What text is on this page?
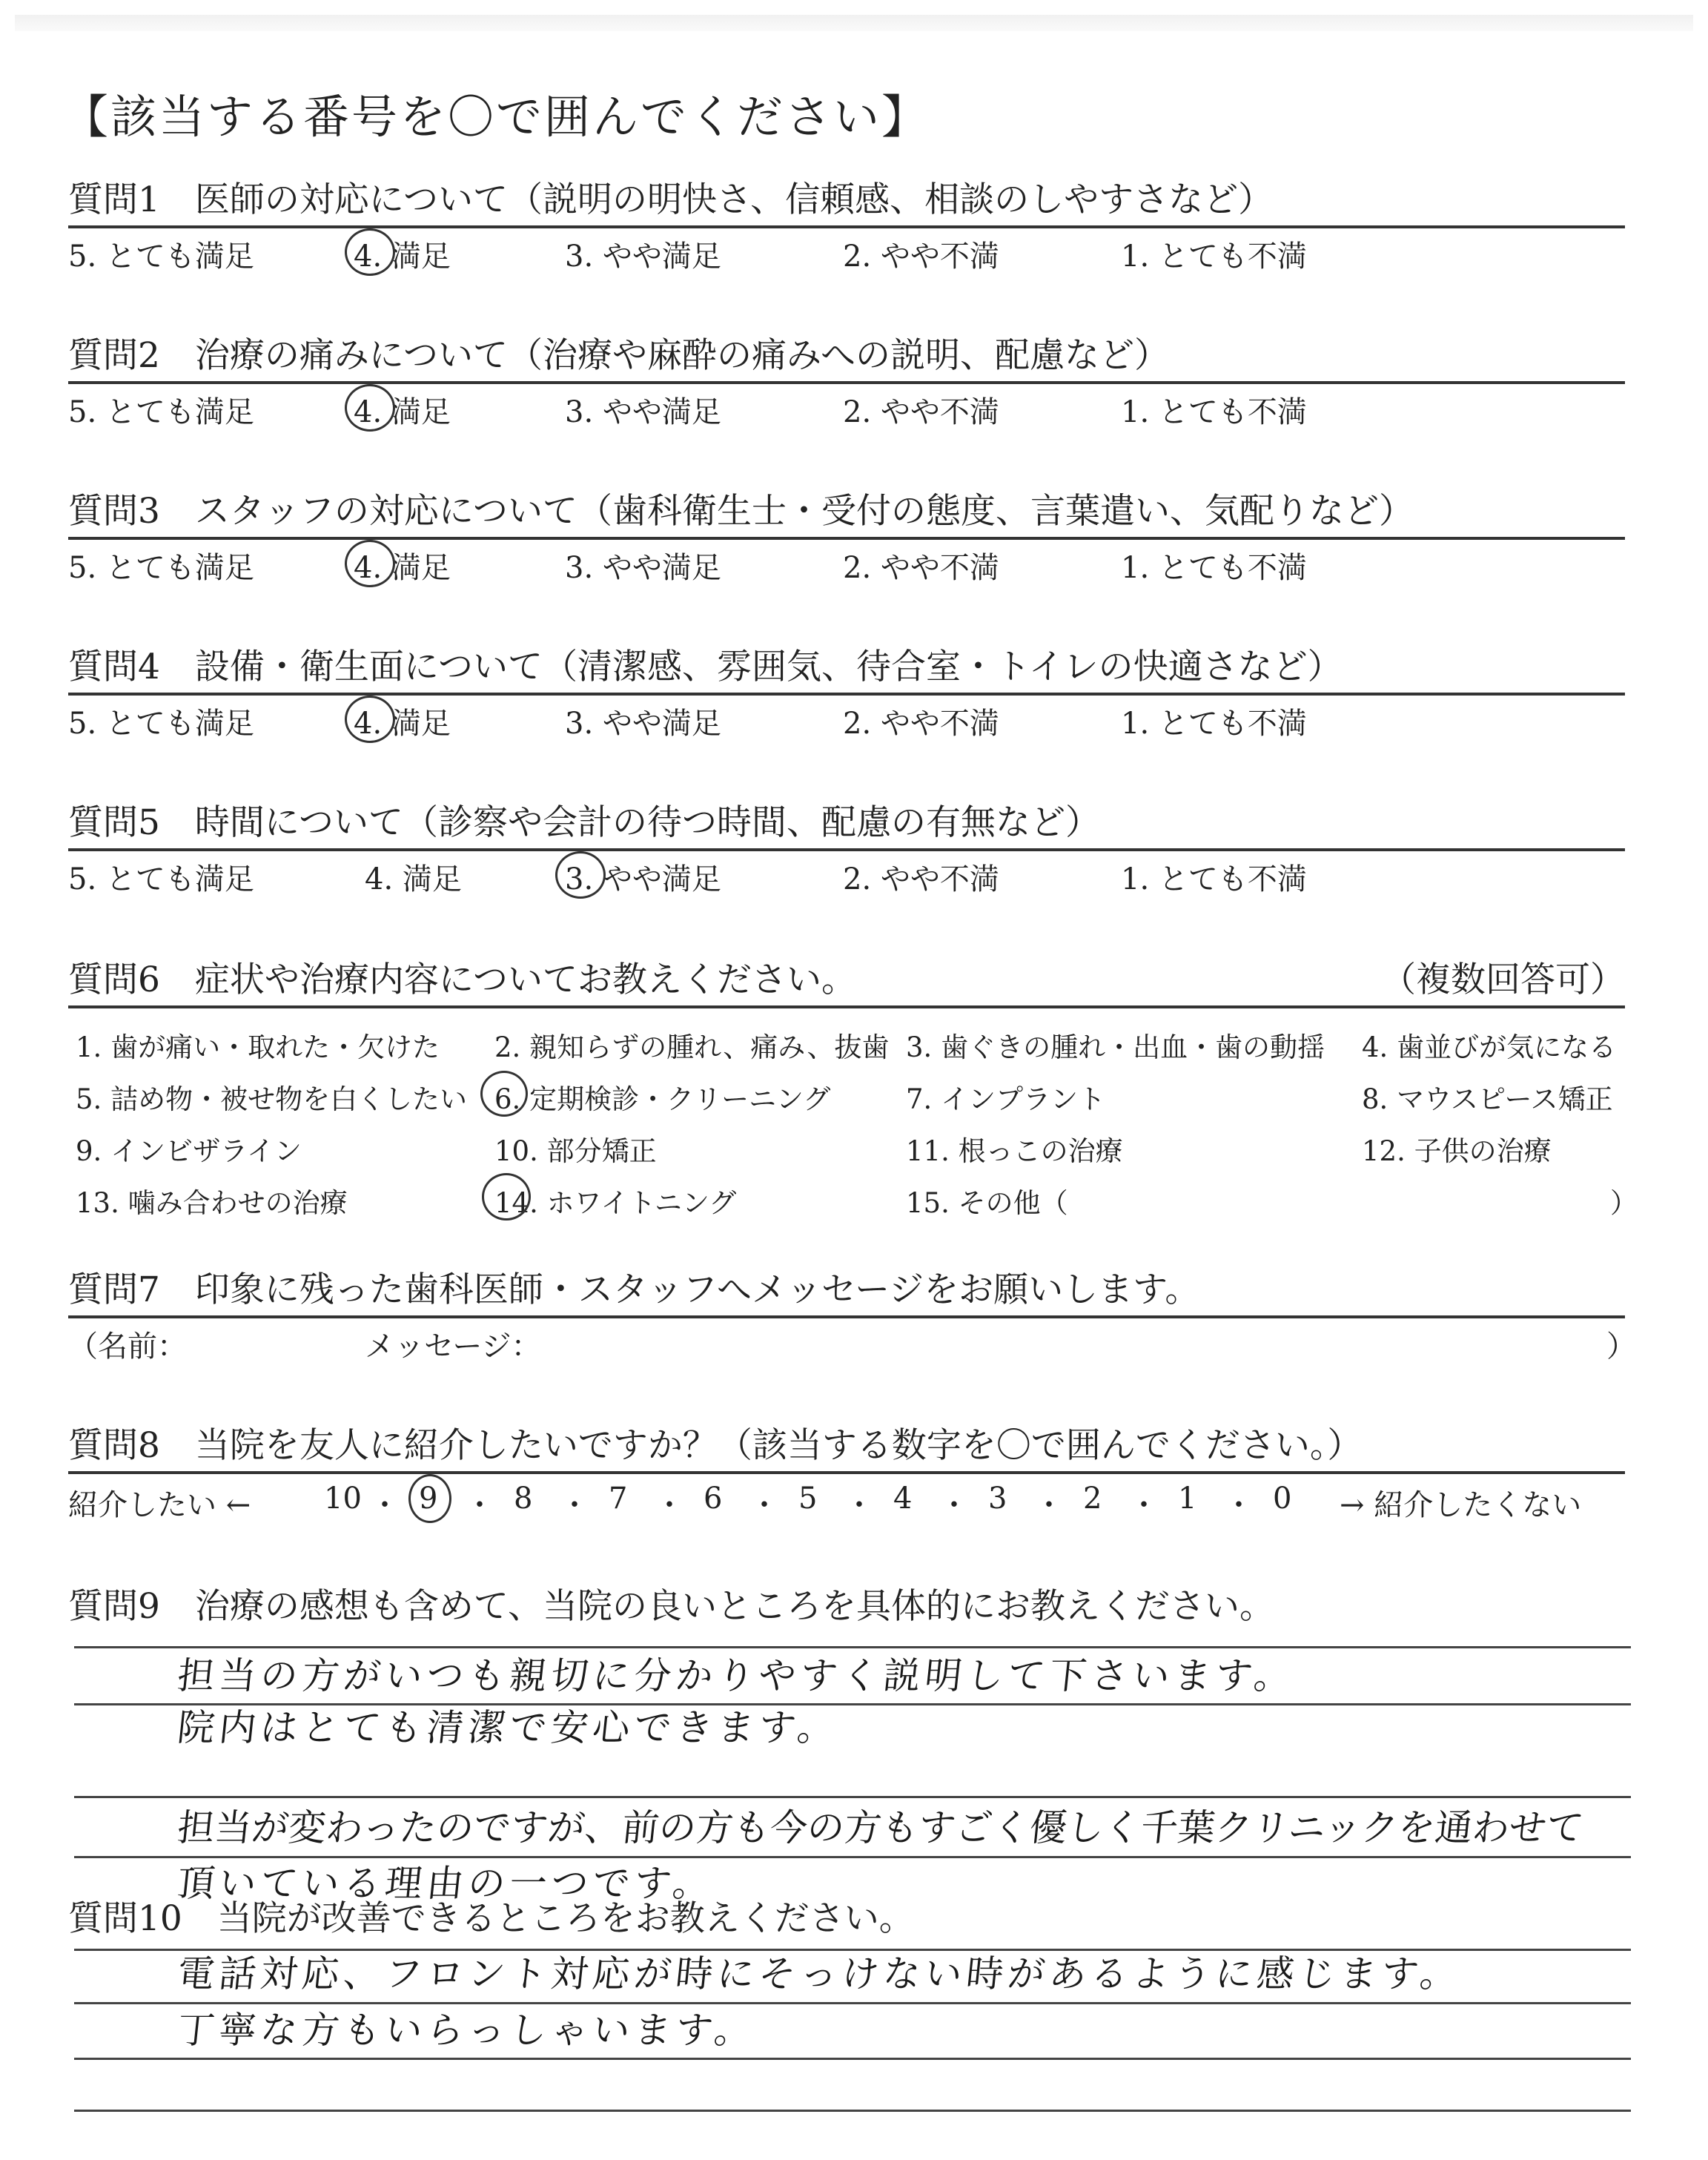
【該当する番号を〇で囲んでください】
質問1　医師の対応について（説明の明快さ、信頼感、相談のしやすさなど）
5. とても満足	4. 満足	3. やや満足	2. やや不満	1. とても不満
質問2　治療の痛みについて（治療や麻酔の痛みへの説明、配慮など）
5. とても満足	4. 満足	3. やや満足	2. やや不満	1. とても不満
質問3　スタッフの対応について（歯科衛生士・受付の態度、言葉遣い、気配りなど）
5. とても満足	4. 満足	3. やや満足	2. やや不満	1. とても不満
質問4　設備・衛生面について（清潔感、雰囲気、待合室・トイレの快適さなど）
5. とても満足	4. 満足	3. やや満足	2. やや不満	1. とても不満
質問5　時間について（診察や会計の待つ時間、配慮の有無など）
5. とても満足	4. 満足	3. やや満足	2. やや不満	1. とても不満
質問6　症状や治療内容についてお教えください。	（複数回答可）
1. 歯が痛い・取れた・欠けた 2. 親知らずの腫れ、痛み、抜歯 3. 歯ぐきの腫れ・出血・歯の動揺 4. 歯並びが気になる
5. 詰め物・被せ物を白くしたい 6. 定期検診・クリーニング	7. インプラント	8. マウスピース矯正
9. インビザライン	10. 部分矯正	11. 根っこの治療	12. 子供の治療
13. 噛み合わせの治療	14. ホワイトニング	15. その他（	）
質問7　印象に残った歯科医師・スタッフへメッセージをお願いします。
（名前：	メッセージ：	）
質問8　当院を友人に紹介したいですか？（該当する数字を〇で囲んでください。）
紹介したい ← 10 ・ 9 ・ 8 ・ 7 ・ 6 ・ 5 ・ 4 ・ 3 ・ 2 ・ 1 ・ 0 → 紹介したくない
質問9　治療の感想も含めて、当院の良いところを具体的にお教えください。
担当の方がいつも親切に分かりやすく説明して下さいます。
院内はとても清潔で安心できます。
担当が変わったのですが、前の方も今の方もすごく優しく千葉クリニックを通わせて
頂いている理由の一つです。
質問10　当院が改善できるところをお教えください。
電話対応、フロント対応が時にそっけない時があるように感じます。
丁寧な方もいらっしゃいます。
